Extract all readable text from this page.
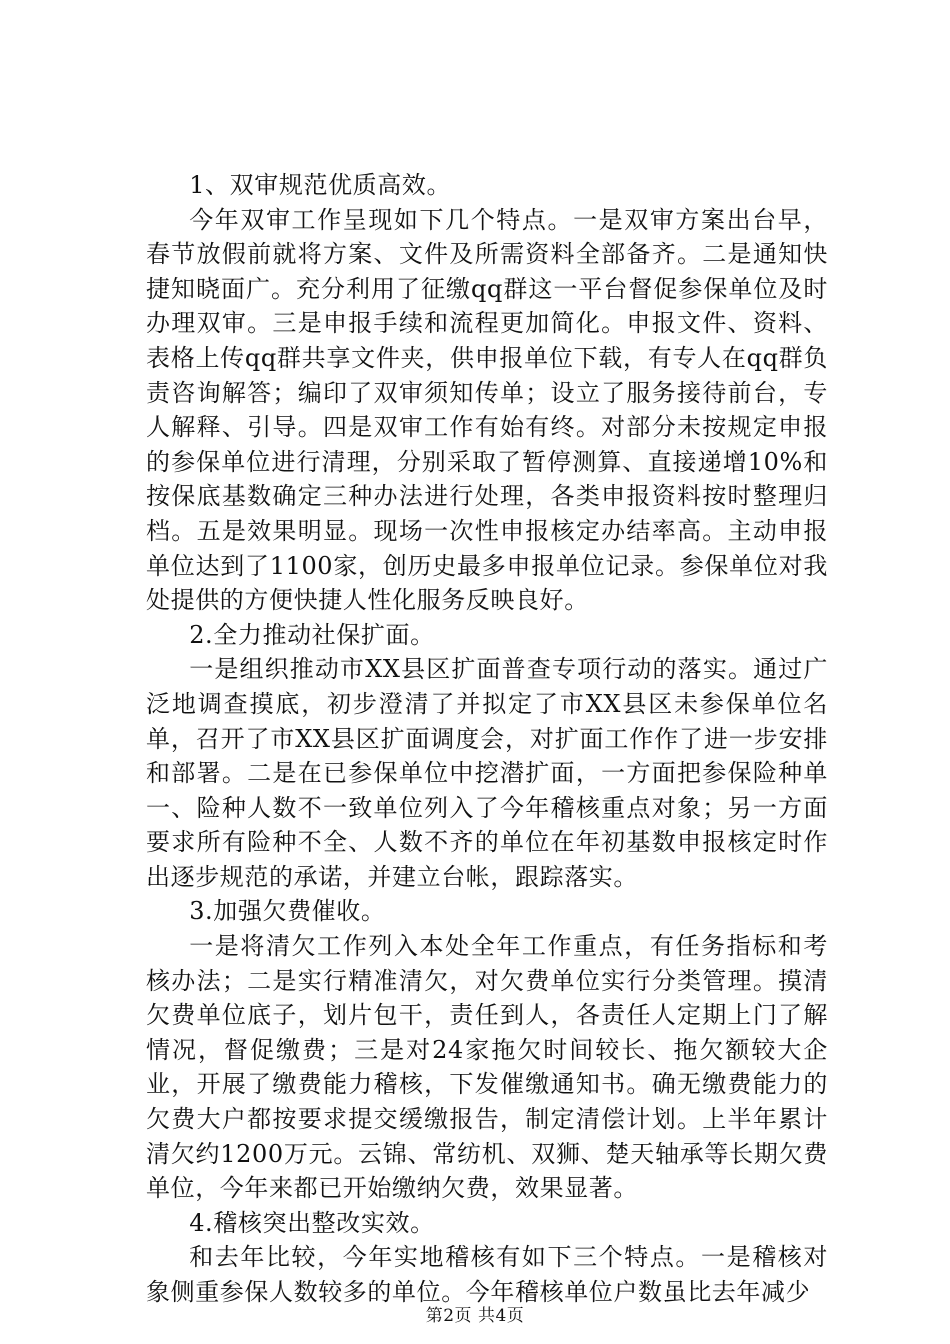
1、双审规范优质高效。

今年双审工作呈现如下几个特点。一是双审方案出台早，春节放假前就将方案、文件及所需资料全部备齐。二是通知快捷知晓面广。充分利用了征缴qq群这一平台督促参保单位及时办理双审。三是申报手续和流程更加简化。申报文件、资料、表格上传qq群共享文件夹，供申报单位下载，有专人在qq群负责咨询解答；编印了双审须知传单；设立了服务接待前台，专人解释、引导。四是双审工作有始有终。对部分未按规定申报的参保单位进行清理，分别采取了暂停测算、直接递增10%和按保底基数确定三种办法进行处理，各类申报资料按时整理归档。五是效果明显。现场一次性申报核定办结率高。主动申报单位达到了1100家，创历史最多申报单位记录。参保单位对我处提供的方便快捷人性化服务反映良好。

2.全力推动社保扩面。

一是组织推动市XX县区扩面普查专项行动的落实。通过广泛地调查摸底，初步澄清了并拟定了市XX县区未参保单位名单，召开了市XX县区扩面调度会，对扩面工作作了进一步安排和部署。二是在已参保单位中挖潜扩面，一方面把参保险种单一、险种人数不一致单位列入了今年稽核重点对象；另一方面要求所有险种不全、人数不齐的单位在年初基数申报核定时作出逐步规范的承诺，并建立台帐，跟踪落实。

3.加强欠费催收。

一是将清欠工作列入本处全年工作重点，有任务指标和考核办法；二是实行精准清欠，对欠费单位实行分类管理。摸清欠费单位底子，划片包干，责任到人，各责任人定期上门了解情况，督促缴费；三是对24家拖欠时间较长、拖欠额较大企业，开展了缴费能力稽核，下发催缴通知书。确无缴费能力的欠费大户都按要求提交缓缴报告，制定清偿计划。上半年累计清欠约1200万元。云锦、常纺机、双狮、楚天轴承等长期欠费单位，今年来都已开始缴纳欠费，效果显著。

4.稽核突出整改实效。

和去年比较，今年实地稽核有如下三个特点。一是稽核对象侧重参保人数较多的单位。今年稽核单位户数虽比去年减少

第2页 共4页
